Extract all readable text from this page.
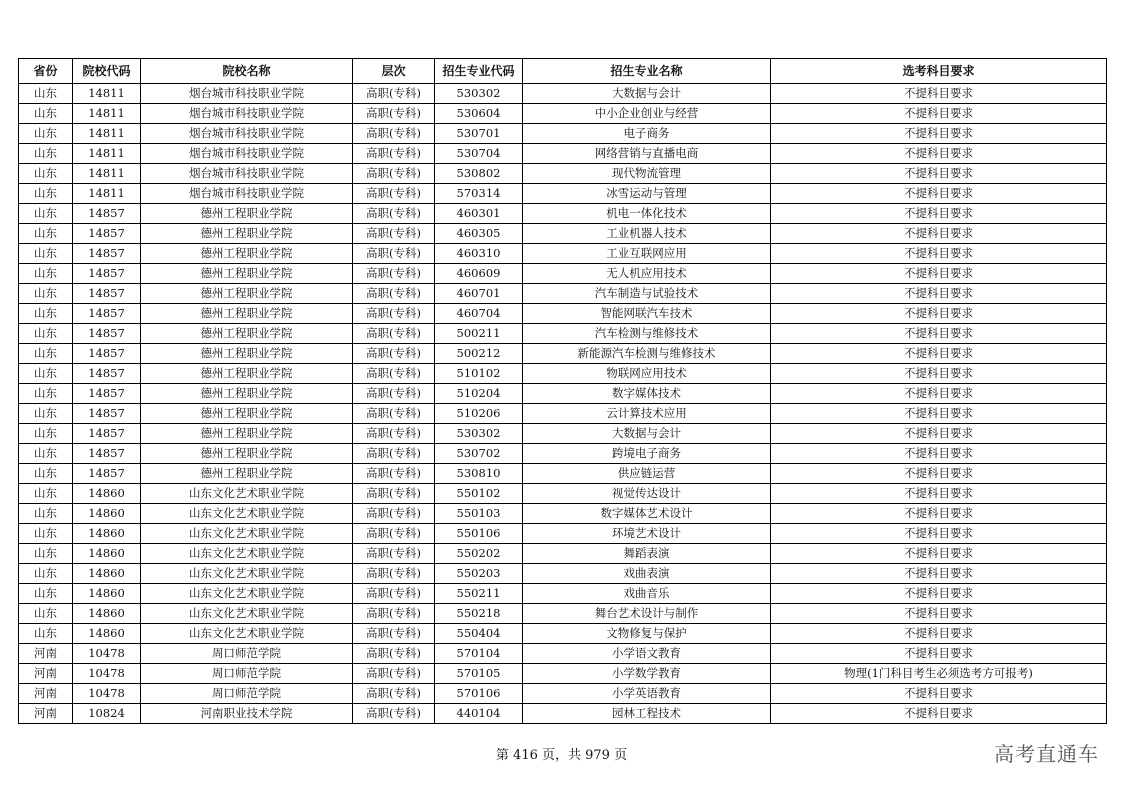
省份	院校代码	院校名称	层次	招生专业代码	招生专业名称	选考科目要求
山东	14811	烟台城市科技职业学院	高职(专科)	530302	大数据与会计	不提科目要求
山东	14811	烟台城市科技职业学院	高职(专科)	530604	中小企业创业与经营	不提科目要求
山东	14811	烟台城市科技职业学院	高职(专科)	530701	电子商务	不提科目要求
山东	14811	烟台城市科技职业学院	高职(专科)	530704	网络营销与直播电商	不提科目要求
山东	14811	烟台城市科技职业学院	高职(专科)	530802	现代物流管理	不提科目要求
山东	14811	烟台城市科技职业学院	高职(专科)	570314	冰雪运动与管理	不提科目要求
山东	14857	德州工程职业学院	高职(专科)	460301	机电一体化技术	不提科目要求
山东	14857	德州工程职业学院	高职(专科)	460305	工业机器人技术	不提科目要求
山东	14857	德州工程职业学院	高职(专科)	460310	工业互联网应用	不提科目要求
山东	14857	德州工程职业学院	高职(专科)	460609	无人机应用技术	不提科目要求
山东	14857	德州工程职业学院	高职(专科)	460701	汽车制造与试验技术	不提科目要求
山东	14857	德州工程职业学院	高职(专科)	460704	智能网联汽车技术	不提科目要求
山东	14857	德州工程职业学院	高职(专科)	500211	汽车检测与维修技术	不提科目要求
山东	14857	德州工程职业学院	高职(专科)	500212	新能源汽车检测与维修技术	不提科目要求
山东	14857	德州工程职业学院	高职(专科)	510102	物联网应用技术	不提科目要求
山东	14857	德州工程职业学院	高职(专科)	510204	数字媒体技术	不提科目要求
山东	14857	德州工程职业学院	高职(专科)	510206	云计算技术应用	不提科目要求
山东	14857	德州工程职业学院	高职(专科)	530302	大数据与会计	不提科目要求
山东	14857	德州工程职业学院	高职(专科)	530702	跨境电子商务	不提科目要求
山东	14857	德州工程职业学院	高职(专科)	530810	供应链运营	不提科目要求
山东	14860	山东文化艺术职业学院	高职(专科)	550102	视觉传达设计	不提科目要求
山东	14860	山东文化艺术职业学院	高职(专科)	550103	数字媒体艺术设计	不提科目要求
山东	14860	山东文化艺术职业学院	高职(专科)	550106	环境艺术设计	不提科目要求
山东	14860	山东文化艺术职业学院	高职(专科)	550202	舞蹈表演	不提科目要求
山东	14860	山东文化艺术职业学院	高职(专科)	550203	戏曲表演	不提科目要求
山东	14860	山东文化艺术职业学院	高职(专科)	550211	戏曲音乐	不提科目要求
山东	14860	山东文化艺术职业学院	高职(专科)	550218	舞台艺术设计与制作	不提科目要求
山东	14860	山东文化艺术职业学院	高职(专科)	550404	文物修复与保护	不提科目要求
河南	10478	周口师范学院	高职(专科)	570104	小学语文教育	不提科目要求
河南	10478	周口师范学院	高职(专科)	570105	小学数学教育	物理(1门科目考生必须选考方可报考)
河南	10478	周口师范学院	高职(专科)	570106	小学英语教育	不提科目要求
河南	10824	河南职业技术学院	高职(专科)	440104	园林工程技术	不提科目要求
第 416 页，共 979 页	高考直通车
